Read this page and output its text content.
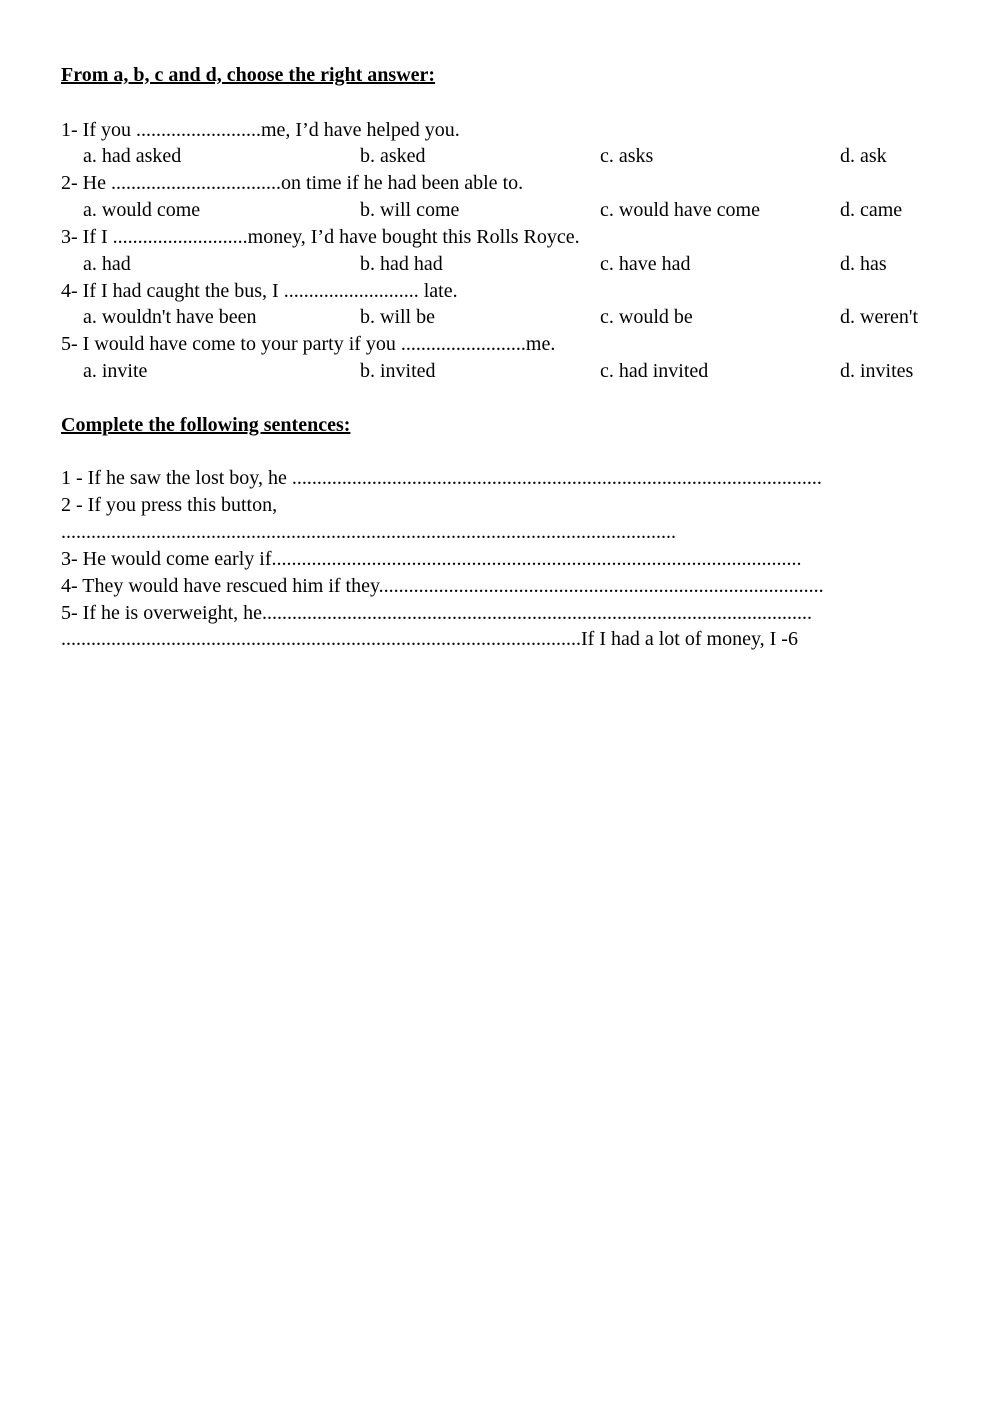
From a, b, c and d, choose the right answer:
1- If you .........................me, I’d have helped you.
a. had asked	b. asked	c. asks	d. ask
2- He ..................................on time if he had been able to.
a. would come	b. will come	c. would have come	d. came
3- If I ...........................money, I’d have bought this Rolls Royce.
a. had	b. had had	c. have had	d. has
4- If I had caught the bus, I ........................... late.
a. wouldn't have been	b. will be	c. would be	d. weren't
5- I would have come to your party if you .........................me.
a. invite	b. invited	c. had invited	d. invites
Complete the following sentences:
1 - If he saw the lost boy, he ..........................................................................................................
2 - If you press this button,
...........................................................................................................................
3- He would come early if..........................................................................................................
4- They would have rescued him if they.........................................................................................
5- If he is overweight, he..............................................................................................................
........................................................................................................If I had a lot of money, I -6
